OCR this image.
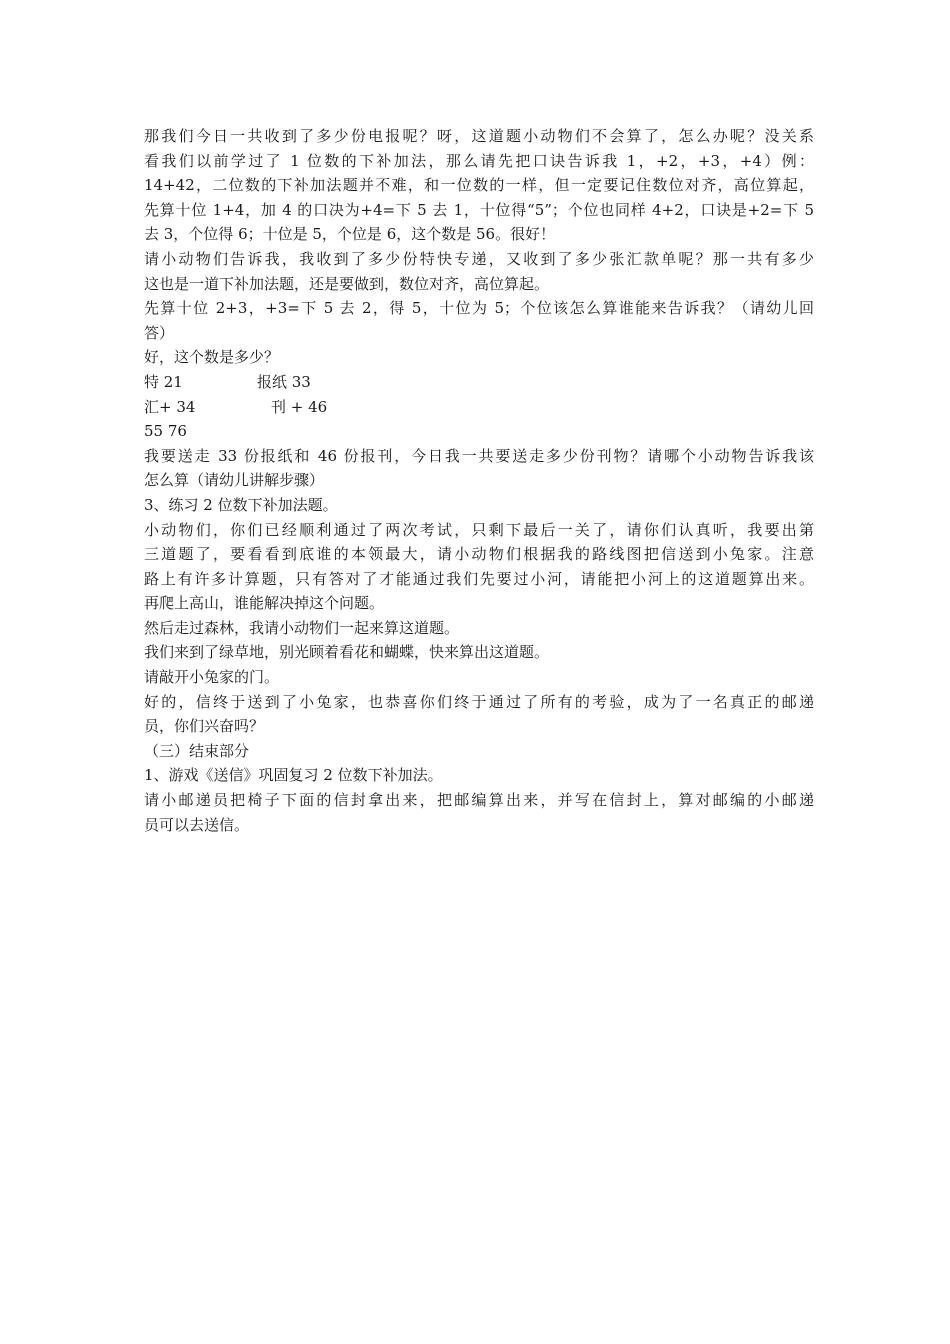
那我们今日一共收到了多少份电报呢？呀，这道题小动物们不会算了，怎么办呢？没关系
看我们以前学过了 1 位数的下补加法，那么请先把口诀告诉我 1，+2，+3，+4）例：
14+42，二位数的下补加法题并不难，和一位数的一样，但一定要记住数位对齐，高位算起，
先算十位 1+4，加 4 的口决为+4=下 5 去 1，十位得“5”；个位也同样 4+2，口诀是+2=下 5
去 3，个位得 6；十位是 5，个位是 6，这个数是 56。很好！
请小动物们告诉我，我收到了多少份特快专递，又收到了多少张汇款单呢？那一共有多少
这也是一道下补加法题，还是要做到，数位对齐，高位算起。
先算十位 2+3，+3=下 5 去 2，得 5，十位为 5；个位该怎么算谁能来告诉我？（请幼儿回
答）
好，这个数是多少？
特 21	报纸 33
汇+ 34	刊 + 46
55 76
我要送走 33 份报纸和 46 份报刊，今日我一共要送走多少份刊物？请哪个小动物告诉我该
怎么算（请幼儿讲解步骤）
3、练习 2 位数下补加法题。
小动物们，你们已经顺利通过了两次考试，只剩下最后一关了，请你们认真听，我要出第
三道题了，要看看到底谁的本领最大，请小动物们根据我的路线图把信送到小兔家。注意
路上有许多计算题，只有答对了才能通过我们先要过小河，请能把小河上的这道题算出来。
再爬上高山，谁能解决掉这个问题。
然后走过森林，我请小动物们一起来算这道题。
我们来到了绿草地，别光顾着看花和蝴蝶，快来算出这道题。
请敲开小兔家的门。
好的，信终于送到了小兔家，也恭喜你们终于通过了所有的考验，成为了一名真正的邮递
员，你们兴奋吗？
（三）结束部分
1、游戏《送信》巩固复习 2 位数下补加法。
请小邮递员把椅子下面的信封拿出来，把邮编算出来，并写在信封上，算对邮编的小邮递
员可以去送信。
